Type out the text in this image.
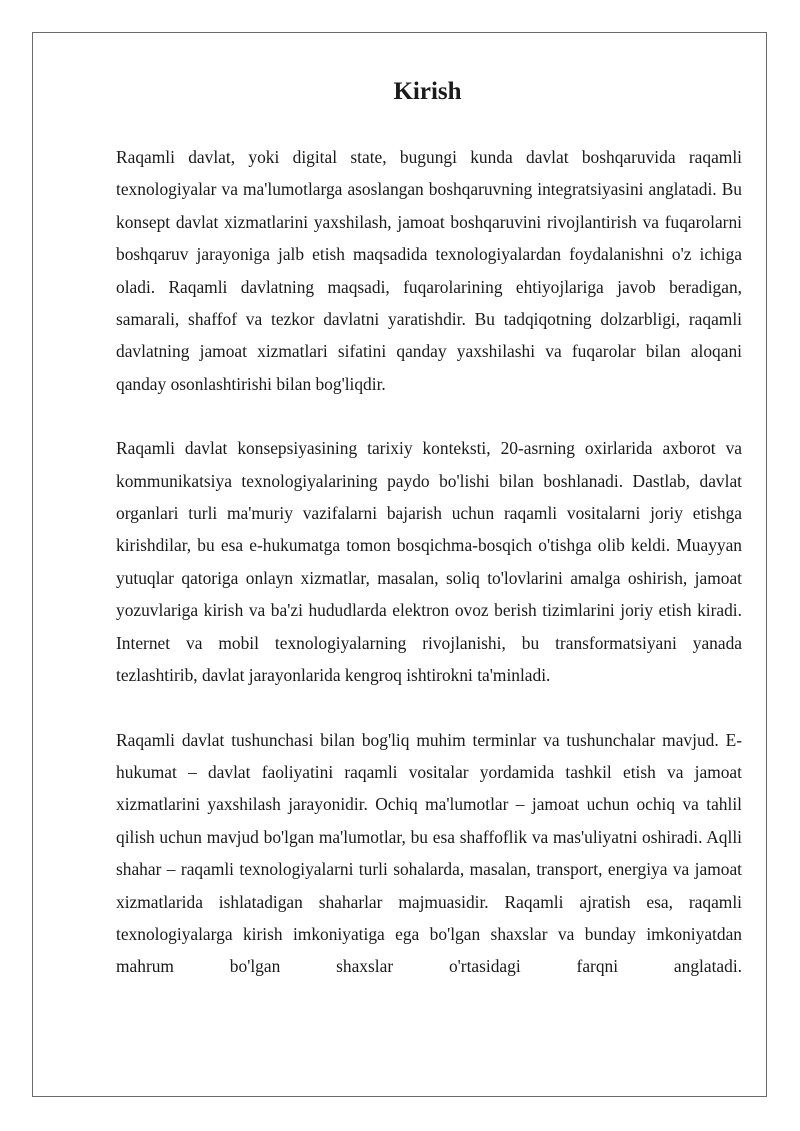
Kirish

Raqamli davlat, yoki digital state, bugungi kunda davlat boshqaruvida raqamli texnologiyalar va ma'lumotlarga asoslangan boshqaruvning integratsiyasini anglatadi. Bu konsept davlat xizmatlarini yaxshilash, jamoat boshqaruvini rivojlantirish va fuqarolarni boshqaruv jarayoniga jalb etish maqsadida texnologiyalardan foydalanishni o'z ichiga oladi. Raqamli davlatning maqsadi, fuqarolarining ehtiyojlariga javob beradigan, samarali, shaffof va tezkor davlatni yaratishdir. Bu tadqiqotning dolzarbligi, raqamli davlatning jamoat xizmatlari sifatini qanday yaxshilashi va fuqarolar bilan aloqani qanday osonlashtirishi bilan bog'liqdir.

Raqamli davlat konsepsiyasining tarixiy konteksti, 20-asrning oxirlarida axborot va kommunikatsiya texnologiyalarining paydo bo'lishi bilan boshlanadi. Dastlab, davlat organlari turli ma'muriy vazifalarni bajarish uchun raqamli vositalarni joriy etishga kirishdilar, bu esa e-hukumatga tomon bosqichma-bosqich o'tishga olib keldi. Muayyan yutuqlar qatoriga onlayn xizmatlar, masalan, soliq to'lovlarini amalga oshirish, jamoat yozuvlariga kirish va ba'zi hududlarda elektron ovoz berish tizimlarini joriy etish kiradi. Internet va mobil texnologiyalarning rivojlanishi, bu transformatsiyani yanada tezlashtirib, davlat jarayonlarida kengroq ishtirokni ta'minladi.

Raqamli davlat tushunchasi bilan bog'liq muhim terminlar va tushunchalar mavjud. E-hukumat – davlat faoliyatini raqamli vositalar yordamida tashkil etish va jamoat xizmatlarini yaxshilash jarayonidir. Ochiq ma'lumotlar – jamoat uchun ochiq va tahlil qilish uchun mavjud bo'lgan ma'lumotlar, bu esa shaffoflik va mas'uliyatni oshiradi. Aqlli shahar – raqamli texnologiyalarni turli sohalarda, masalan, transport, energiya va jamoat xizmatlarida ishlatadigan shaharlar majmuasidir. Raqamli ajratish esa, raqamli texnologiyalarga kirish imkoniyatiga ega bo'lgan shaxslar va bunday imkoniyatdan mahrum bo'lgan shaxslar o'rtasidagi farqni anglatadi.
